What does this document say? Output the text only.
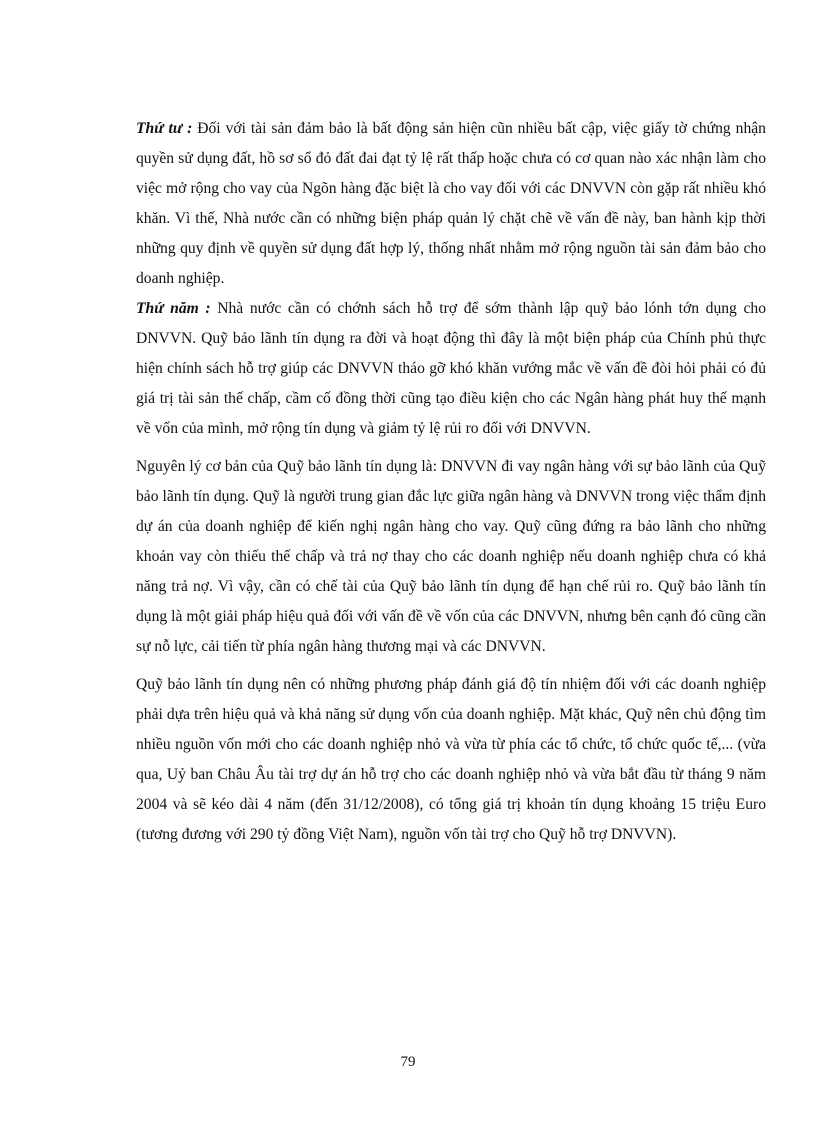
Thứ tư : Đối với tài sản đảm bảo là bất động sản hiện cũn nhiều bất cập, việc giấy tờ chứng nhận quyền sử dụng đất, hồ sơ sổ đỏ đất đai đạt tỷ lệ rất thấp hoặc chưa có cơ quan nào xác nhận làm cho việc mở rộng cho vay của Ngõn hàng đặc biệt là cho vay đối với các DNVVN còn gặp rất nhiều khó khăn. Vì thế, Nhà nước cần có những biện pháp quản lý chặt chẽ về vấn đề này, ban hành kịp thời những quy định về quyền sử dụng đất hợp lý, thống nhất nhằm mở rộng nguồn tài sản đảm bảo cho doanh nghiệp.

Thứ năm : Nhà nước cần có chớnh sách hỗ trợ để sớm thành lập quỹ bảo lónh tớn dụng cho DNVVN. Quỹ bảo lãnh tín dụng ra đời và hoạt động thì đây là một biện pháp của Chính phủ thực hiện chính sách hỗ trợ giúp các DNVVN tháo gỡ khó khăn vướng mắc về vấn đề đòi hỏi phải có đủ giá trị tài sản thế chấp, cầm cố đồng thời cũng tạo điều kiện cho các Ngân hàng phát huy thế mạnh về vốn của mình, mở rộng tín dụng và giảm tỷ lệ rủi ro đối với DNVVN.

Nguyên lý cơ bản của Quỹ bảo lãnh tín dụng là: DNVVN đi vay ngân hàng với sự bảo lãnh của Quỹ bảo lãnh tín dụng. Quỹ là người trung gian đắc lực giữa ngân hàng và DNVVN trong việc thẩm định dự án của doanh nghiệp để kiến nghị ngân hàng cho vay. Quỹ cũng đứng ra bảo lãnh cho những khoản vay còn thiếu thế chấp và trả nợ thay cho các doanh nghiệp nếu doanh nghiệp chưa có khả năng trả nợ. Vì vậy, cần có chế tài của Quỹ bảo lãnh tín dụng để hạn chế rủi ro. Quỹ bảo lãnh tín dụng là một giải pháp hiệu quả đối với vấn đề về vốn của các DNVVN, nhưng bên cạnh đó cũng cần sự nỗ lực, cải tiến từ phía ngân hàng thương mại và các DNVVN.

Quỹ bảo lãnh tín dụng nên có những phương pháp đánh giá độ tín nhiệm đối với các doanh nghiệp phải dựa trên hiệu quả và khả năng sử dụng vốn của doanh nghiệp. Mặt khác, Quỹ nên chủ động tìm nhiều nguồn vốn mới cho các doanh nghiệp nhỏ và vừa từ phía các tổ chức, tổ chức quốc tế,... (vừa qua, Uỷ ban Châu Âu tài trợ dự án hỗ trợ cho các doanh nghiệp nhỏ và vừa bắt đầu từ tháng 9 năm 2004 và sẽ kéo dài 4 năm (đến 31/12/2008), có tổng giá trị khoản tín dụng khoảng 15 triệu Euro (tương đương với 290 tỷ đồng Việt Nam), nguồn vốn tài trợ cho Quỹ hỗ trợ DNVVN).

79
